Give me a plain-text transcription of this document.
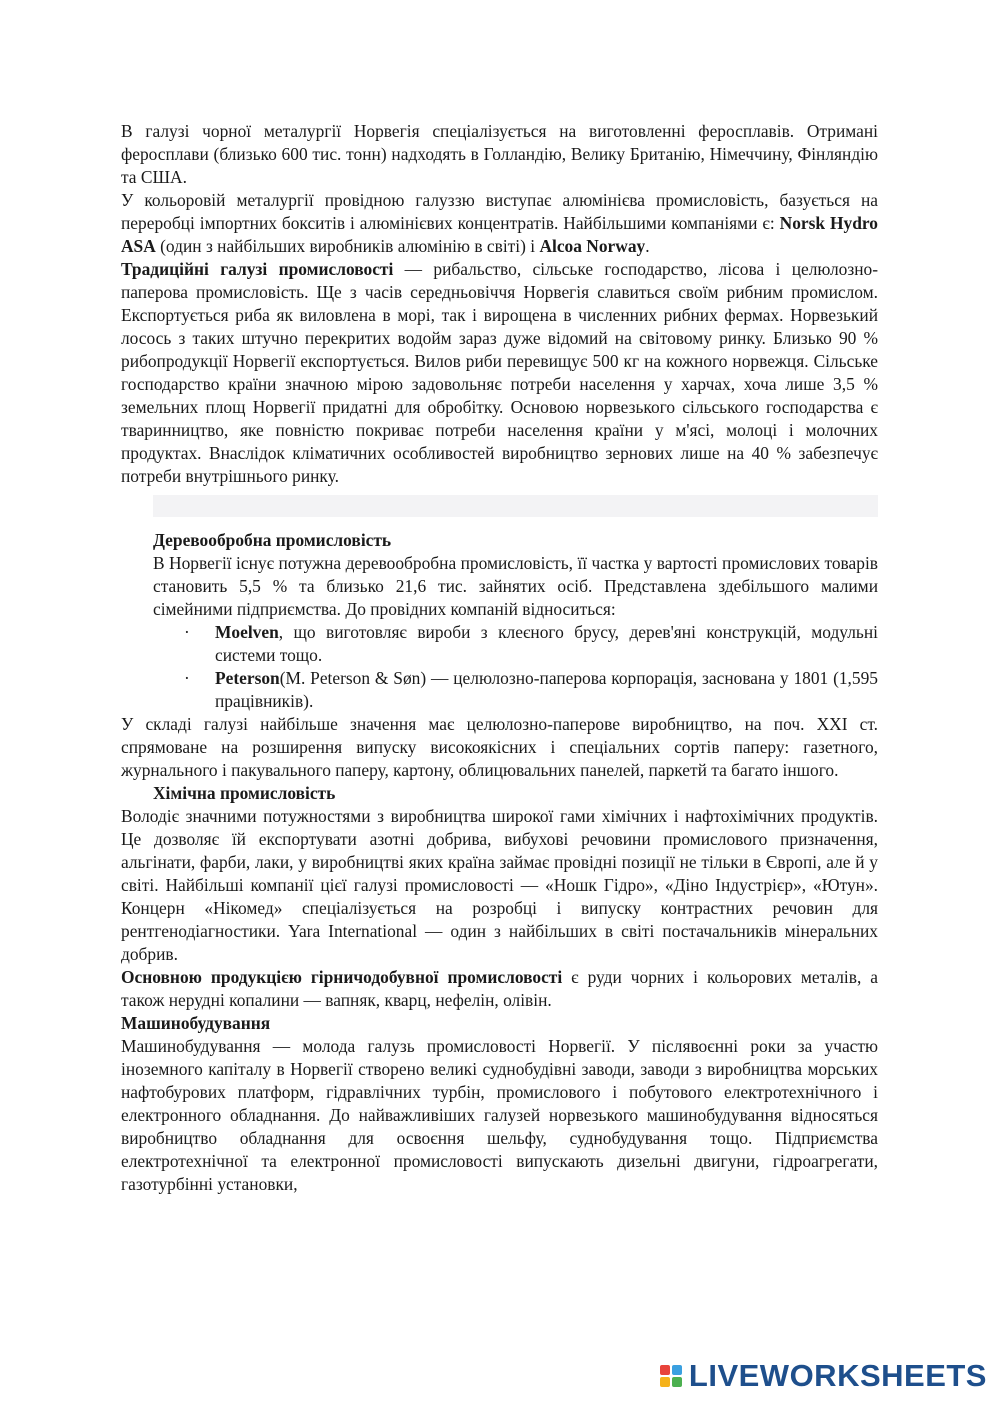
В галузі чорної металургії Норвегія спеціалізується на виготовленні феросплавів. Отримані феросплави (близько 600 тис. тонн) надходять в Голландію, Велику Британію, Німеччину, Фінляндію та США.

У кольоровій металургії провідною галуззю виступає алюмінієва промисловість, базується на переробці імпортних бокситів і алюмінієвих концентратів. Найбільшими компаніями є: Norsk Hydro ASA (один з найбільших виробників алюмінію в світі) і Alcoa Norway.

Традиційні галузі промисловості — рибальство, сільське господарство, лісова і целюлозно-паперова промисловість. Ще з часів середньовіччя Норвегія славиться своїм рибним промислом. Експортується риба як виловлена в морі, так і вирощена в численних рибних фермах. Норвезький лосось з таких штучно перекритих водойм зараз дуже відомий на світовому ринку. Близько 90 % рибопродукції Норвегії експортується. Вилов риби перевищує 500 кг на кожного норвежця. Сільське господарство країни значною мірою задовольняє потреби населення у харчах, хоча лише 3,5 % земельних площ Норвегії придатні для обробітку. Основою норвезького сільського господарства є тваринництво, яке повністю покриває потреби населення країни у м'ясі, молоці і молочних продуктах. Внаслідок кліматичних особливостей виробництво зернових лише на 40 % забезпечує потреби внутрішнього ринку.

Деревообробна промисловість

В Норвегії існує потужна деревообробна промисловість, її частка у вартості промислових товарів становить 5,5 % та близько 21,6 тис. зайнятих осіб. Представлена здебільшого малими сімейними підприємства. До провідних компаній відноситься:

· Moelven, що виготовляє вироби з клеєного брусу, дерев'яні конструкцій, модульні системи тощо.
· Peterson(M. Peterson & Søn) — целюлозно-паперова корпорація, заснована у 1801 (1,595 працівників).

У складі галузі найбільше значення має целюлозно-паперове виробництво, на поч. XXI ст. спрямоване на розширення випуску високоякісних і спеціальних сортів паперу: газетного, журнального і пакувального паперу, картону, облицювальних панелей, паркетй та багато іншого.

Хімічна промисловість

Володіє значними потужностями з виробництва широкої гами хімічних і нафтохімічних продуктів. Це дозволяє їй експортувати азотні добрива, вибухові речовини промислового призначення, альгінати, фарби, лаки, у виробництві яких країна займає провідні позиції не тільки в Європі, але й у світі. Найбільші компанії цієї галузі промисловості — «Ношк Гідро», «Діно Індустрієр», «Ютун». Концерн «Нікомед» спеціалізується на розробці і випуску контрастних речовин для рентгенодіагностики. Yara International — один з найбільших в світі постачальників мінеральних добрив.

Основною продукцією гірничодобувної промисловості є руди чорних і кольорових металів, а також нерудні копалини — вапняк, кварц, нефелін, олівін.

Машинобудування

Машинобудування — молода галузь промисловості Норвегії. У післявоєнні роки за участю іноземного капіталу в Норвегії створено великі суднобудівні заводи, заводи з виробництва морських нафтобурових платформ, гідравлічних турбін, промислового і побутового електротехнічного і електронного обладнання. До найважливіших галузей норвезького машинобудування відносяться виробництво обладнання для освоєння шельфу, суднобудування тощо. Підприємства електротехнічної та електронної промисловості випускають дизельні двигуни, гідроагрегати, газотурбінні установки,

LIVEWORKSHEETS
